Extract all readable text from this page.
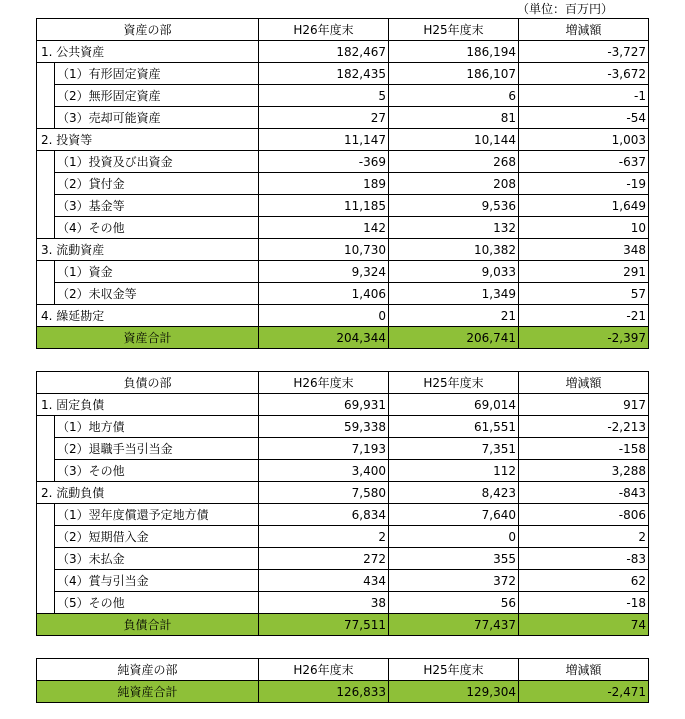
（単位：百万円）
資産の部		H26年度末	H25年度末	増減額
1. 公共資産		182,467	186,194	-3,727
	（1）有形固定資産	182,435	186,107	-3,672
	（2）無形固定資産	5	6	-1
	（3）売却可能資産	27	81	-54
2. 投資等		11,147	10,144	1,003
	（1）投資及び出資金	-369	268	-637
	（2）貸付金	189	208	-19
	（3）基金等	11,185	9,536	1,649
	（4）その他	142	132	10
3. 流動資産		10,730	10,382	348
	（1）資金	9,324	9,033	291
	（2）未収金等	1,406	1,349	57
4. 繰延勘定		0	21	-21
資産合計		204,344	206,741	-2,397
負債の部		H26年度末	H25年度末	増減額
1. 固定負債		69,931	69,014	917
	（1）地方債	59,338	61,551	-2,213
	（2）退職手当引当金	7,193	7,351	-158
	（3）その他	3,400	112	3,288
2. 流動負債		7,580	8,423	-843
	（1）翌年度償還予定地方債	6,834	7,640	-806
	（2）短期借入金	2	0	2
	（3）未払金	272	355	-83
	（4）賞与引当金	434	372	62
	（5）その他	38	56	-18
負債合計		77,511	77,437	74
純資産の部	H26年度末	H25年度末	増減額
純資産合計	126,833	129,304	-2,471
